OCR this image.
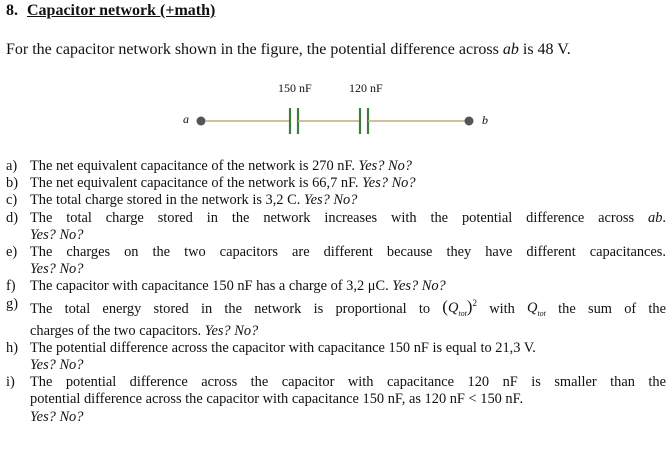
8. Capacitor network (+math)
For the capacitor network shown in the figure, the potential difference across ab is 48 V.
a
150 nF	120 nF
b
a) The net equivalent capacitance of the network is 270 nF. Yes? No?
b) The net equivalent capacitance of the network is 66,7 nF. Yes? No?
c) The total charge stored in the network is 3,2 C. Yes? No?
d) The total charge stored in the network increases with the potential difference across ab.
Yes? No?
e) The charges on the two capacitors are different because they have different capacitances.
Yes? No?
f)	The capacitor with capacitance 150 nF has a charge of 3,2 μC. Yes? No?
g) The total energy stored in the network is proportional to $(Q_{tot})^2$ with $Q_{tot}$ the sum of the
charges of the two capacitors. Yes? No?
h) The potential difference across the capacitor with capacitance 150 nF is equal to 21,3 V.
Yes? No?
i)	The potential difference across the capacitor with capacitance 120 nF is smaller than the
potential difference across the capacitor with capacitance 150 nF, as 120 nF < 150 nF.
Yes? No?
